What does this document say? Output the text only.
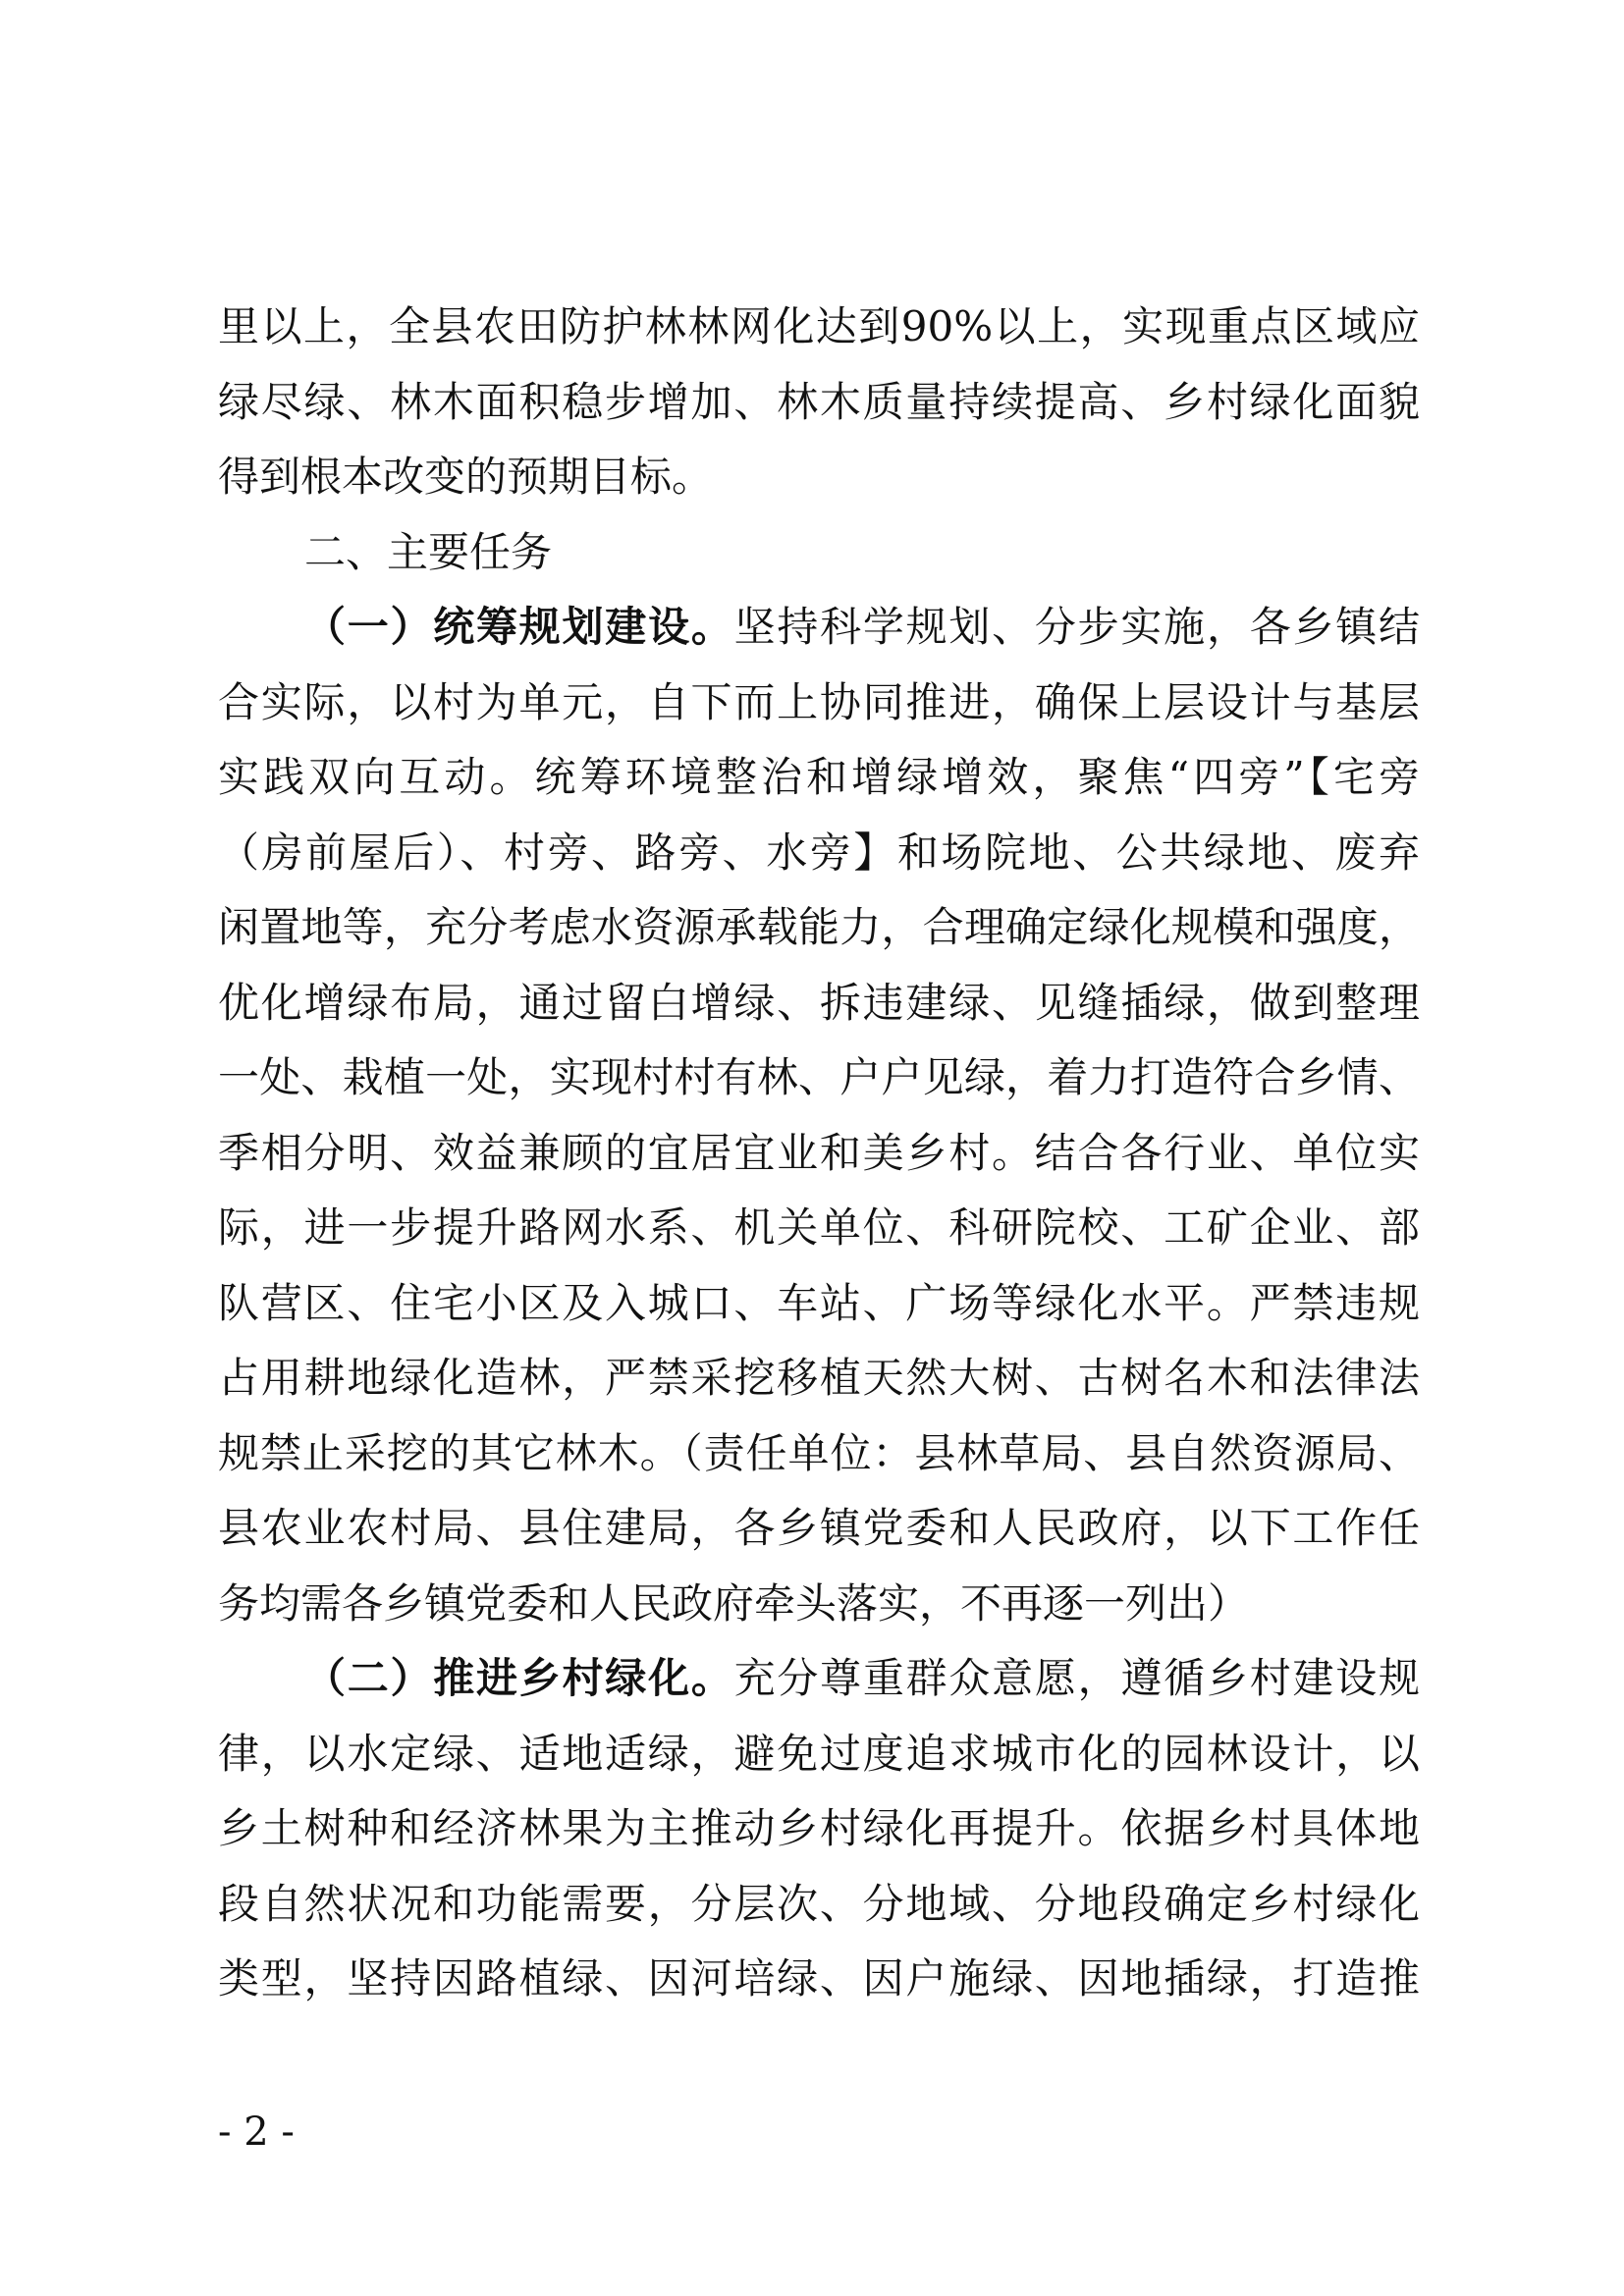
里以上，全县农田防护林林网化达到90%以上，实现重点区域应
绿尽绿、林木面积稳步增加、林木质量持续提高、乡村绿化面貌
得到根本改变的预期目标。
二、主要任务
（一）统筹规划建设。坚持科学规划、分步实施，各乡镇结
合实际，以村为单元，自下而上协同推进，确保上层设计与基层
实践双向互动。统筹环境整治和增绿增效，聚焦“四旁”【宅旁
（房前屋后）、村旁、路旁、水旁】和场院地、公共绿地、废弃
闲置地等，充分考虑水资源承载能力，合理确定绿化规模和强度，
优化增绿布局，通过留白增绿、拆违建绿、见缝插绿，做到整理
一处、栽植一处，实现村村有林、户户见绿，着力打造符合乡情、
季相分明、效益兼顾的宜居宜业和美乡村。结合各行业、单位实
际，进一步提升路网水系、机关单位、科研院校、工矿企业、部
队营区、住宅小区及入城口、车站、广场等绿化水平。严禁违规
占用耕地绿化造林，严禁采挖移植天然大树、古树名木和法律法
规禁止采挖的其它林木。（责任单位：县林草局、县自然资源局、
县农业农村局、县住建局，各乡镇党委和人民政府，以下工作任
务均需各乡镇党委和人民政府牵头落实，不再逐一列出）
（二）推进乡村绿化。充分尊重群众意愿，遵循乡村建设规
律，以水定绿、适地适绿，避免过度追求城市化的园林设计，以
乡土树种和经济林果为主推动乡村绿化再提升。依据乡村具体地
段自然状况和功能需要，分层次、分地域、分地段确定乡村绿化
类型，坚持因路植绿、因河培绿、因户施绿、因地插绿，打造推
- 2 -
